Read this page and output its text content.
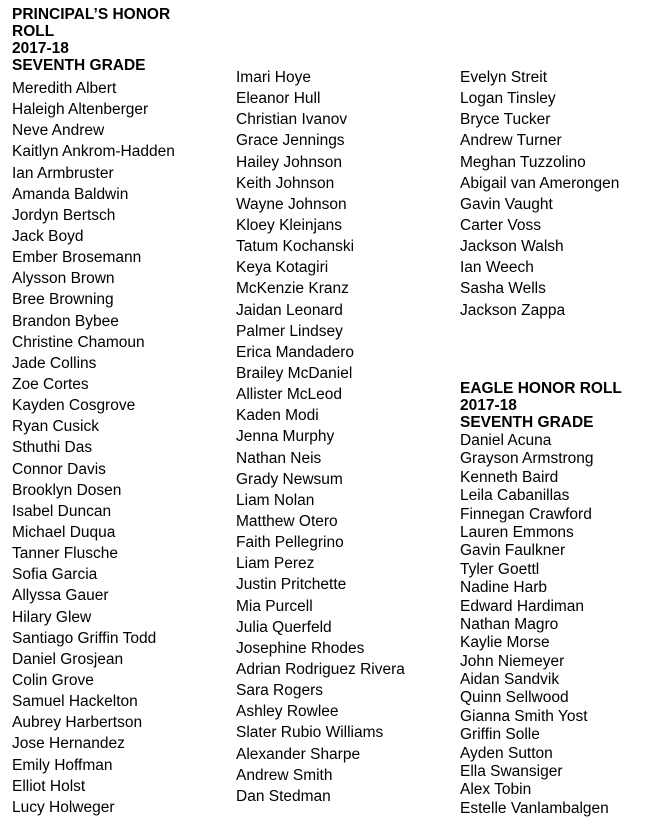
PRINCIPAL’S HONOR
ROLL
2017-18
SEVENTH GRADE
Meredith Albert
Haleigh Altenberger
Neve Andrew
Kaitlyn Ankrom-Hadden
Ian Armbruster
Amanda Baldwin
Jordyn Bertsch
Jack Boyd
Ember Brosemann
Alysson Brown
Bree Browning
Brandon Bybee
Christine Chamoun
Jade Collins
Zoe Cortes
Kayden Cosgrove
Ryan Cusick
Sthuthi Das
Connor Davis
Brooklyn Dosen
Isabel Duncan
Michael Duqua
Tanner Flusche
Sofia Garcia
Allyssa Gauer
Hilary Glew
Santiago Griffin Todd
Daniel Grosjean
Colin Grove
Samuel Hackelton
Aubrey Harbertson
Jose Hernandez
Emily Hoffman
Elliot Holst
Lucy Holweger
Imari Hoye
Eleanor Hull
Christian Ivanov
Grace Jennings
Hailey Johnson
Keith Johnson
Wayne Johnson
Kloey Kleinjans
Tatum Kochanski
Keya Kotagiri
McKenzie Kranz
Jaidan Leonard
Palmer Lindsey
Erica Mandadero
Brailey McDaniel
Allister McLeod
Kaden Modi
Jenna Murphy
Nathan Neis
Grady Newsum
Liam Nolan
Matthew Otero
Faith Pellegrino
Liam Perez
Justin Pritchette
Mia Purcell
Julia Querfeld
Josephine Rhodes
Adrian Rodriguez Rivera
Sara Rogers
Ashley Rowlee
Slater Rubio Williams
Alexander Sharpe
Andrew Smith
Dan Stedman
Evelyn Streit
Logan Tinsley
Bryce Tucker
Andrew Turner
Meghan Tuzzolino
Abigail van Amerongen
Gavin Vaught
Carter Voss
Jackson Walsh
Ian Weech
Sasha Wells
Jackson Zappa
EAGLE HONOR ROLL
2017-18
SEVENTH GRADE
Daniel Acuna
Grayson Armstrong
Kenneth Baird
Leila Cabanillas
Finnegan Crawford
Lauren Emmons
Gavin Faulkner
Tyler Goettl
Nadine Harb
Edward Hardiman
Nathan Magro
Kaylie Morse
John Niemeyer
Aidan Sandvik
Quinn Sellwood
Gianna Smith Yost
Griffin Solle
Ayden Sutton
Ella Swansiger
Alex Tobin
Estelle Vanlambalgen
